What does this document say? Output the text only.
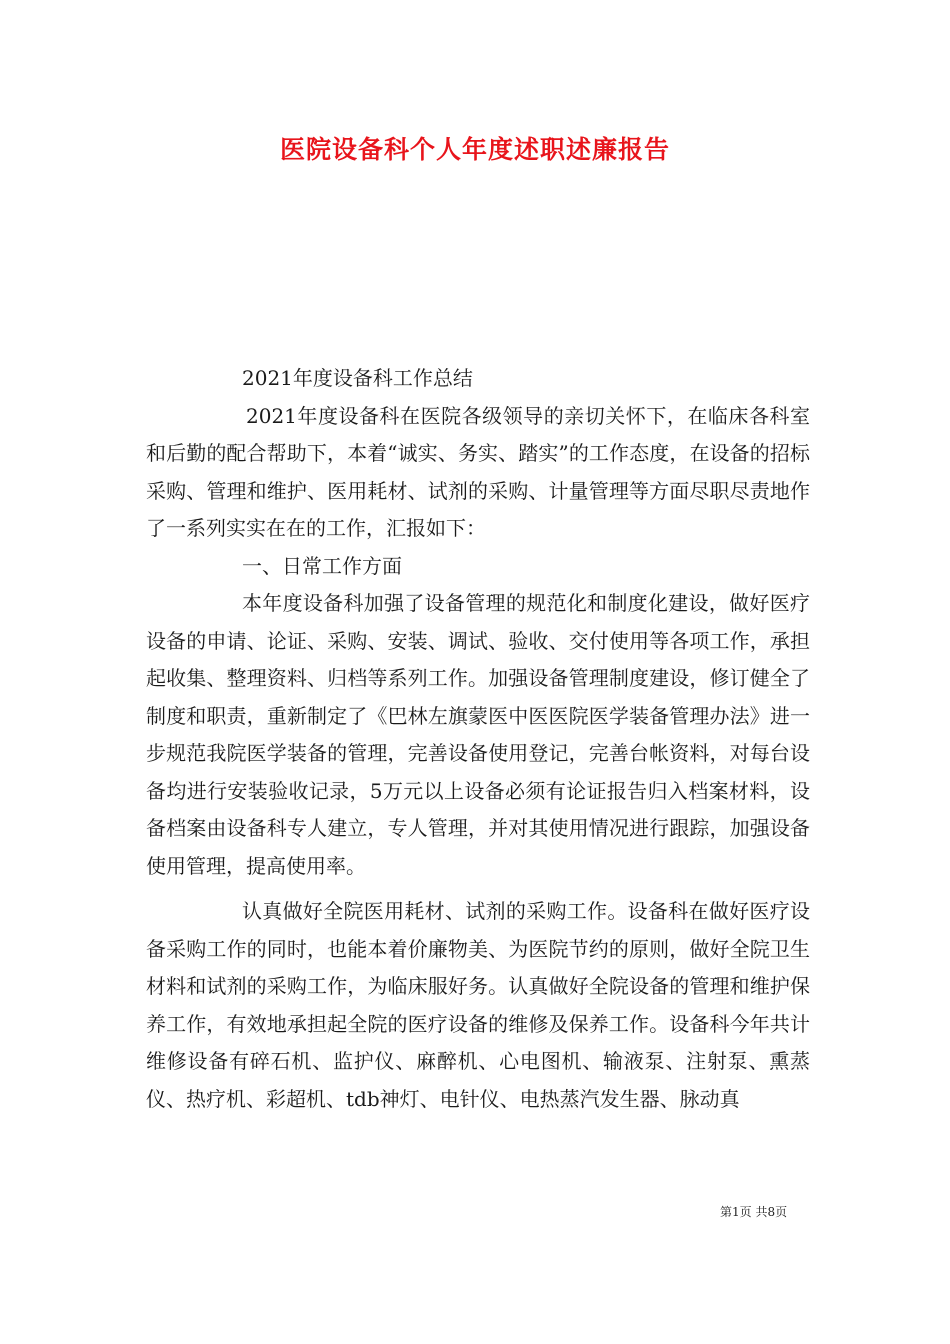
医院设备科个人年度述职述廉报告

2021年度设备科工作总结

2021年度设备科在医院各级领导的亲切关怀下，在临床各科室和后勤的配合帮助下，本着“诚实、务实、踏实”的工作态度，在设备的招标采购、管理和维护、医用耗材、试剂的采购、计量管理等方面尽职尽责地作了一系列实实在在的工作，汇报如下：

一、日常工作方面

本年度设备科加强了设备管理的规范化和制度化建设，做好医疗设备的申请、论证、采购、安装、调试、验收、交付使用等各项工作，承担起收集、整理资料、归档等系列工作。加强设备管理制度建设，修订健全了制度和职责，重新制定了《巴林左旗蒙医中医医院医学装备管理办法》进一步规范我院医学装备的管理，完善设备使用登记，完善台帐资料，对每台设备均进行安装验收记录，5万元以上设备必须有论证报告归入档案材料，设备档案由设备科专人建立，专人管理，并对其使用情况进行跟踪，加强设备使用管理，提高使用率。

认真做好全院医用耗材、试剂的采购工作。设备科在做好医疗设备采购工作的同时，也能本着价廉物美、为医院节约的原则，做好全院卫生材料和试剂的采购工作，为临床服好务。认真做好全院设备的管理和维护保养工作，有效地承担起全院的医疗设备的维修及保养工作。设备科今年共计维修设备有碎石机、监护仪、麻醉机、心电图机、输液泵、注射泵、熏蒸仪、热疗机、彩超机、tdb神灯、电针仪、电热蒸汽发生器、脉动真

第1页 共8页
